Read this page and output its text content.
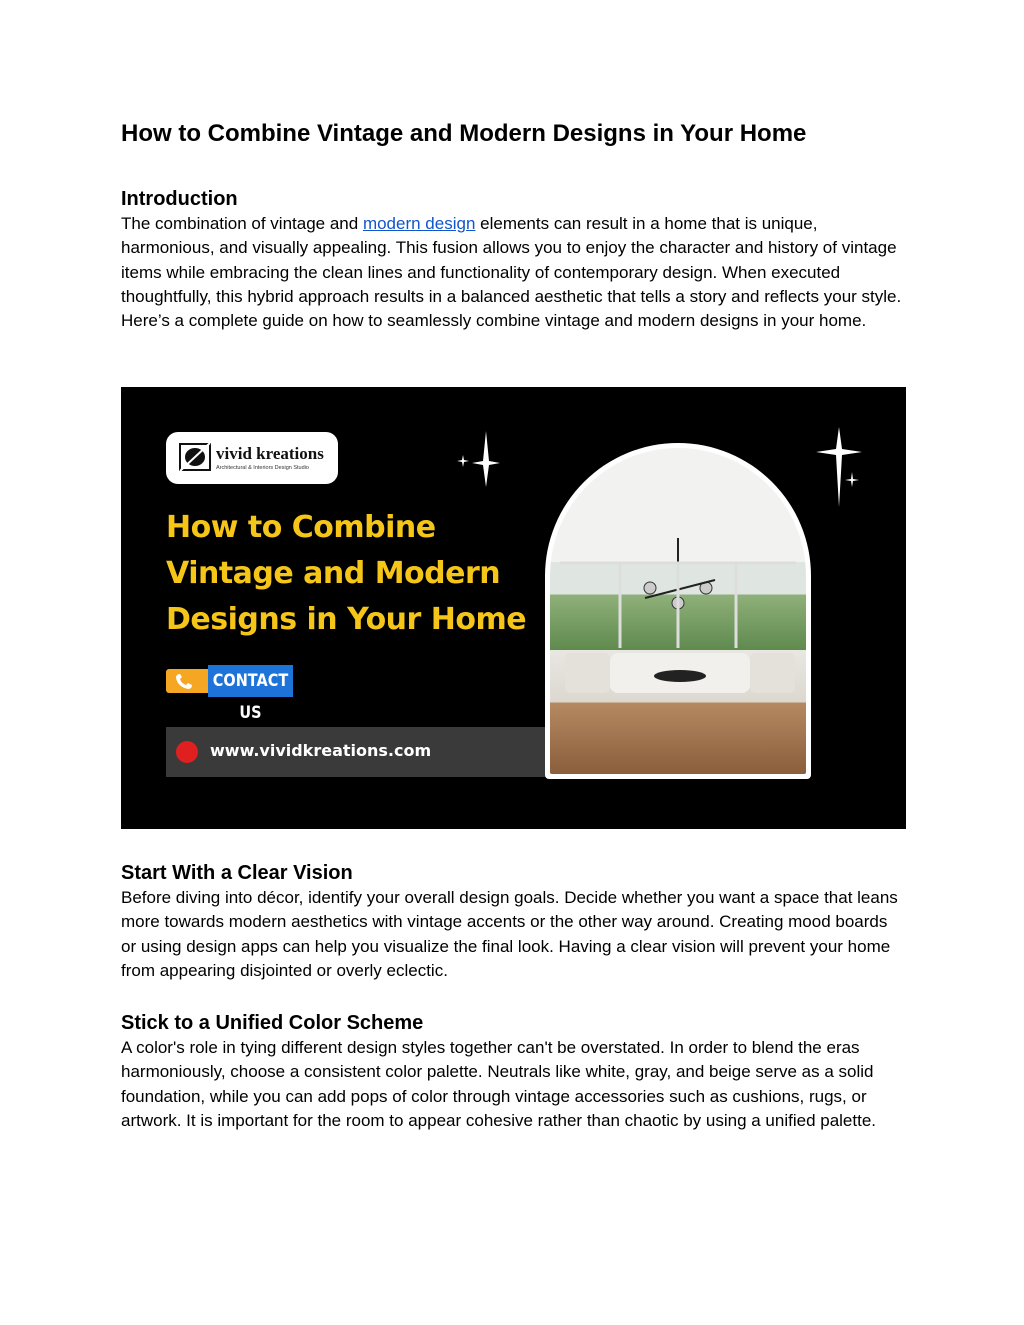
How to Combine Vintage and Modern Designs in Your Home
Introduction

The combination of vintage and modern design elements can result in a home that is unique, harmonious, and visually appealing. This fusion allows you to enjoy the character and history of vintage items while embracing the clean lines and functionality of contemporary design. When executed thoughtfully, this hybrid approach results in a balanced aesthetic that tells a story and reflects your style. Here’s a complete guide on how to seamlessly combine vintage and modern designs in your home.

Start With a Clear Vision

Before diving into décor, identify your overall design goals. Decide whether you want a space that leans more towards modern aesthetics with vintage accents or the other way around. Creating mood boards or using design apps can help you visualize the final look. Having a clear vision will prevent your home from appearing disjointed or overly eclectic.

Stick to a Unified Color Scheme

A color's role in tying different design styles together can't be overstated. In order to blend the eras harmoniously, choose a consistent color palette. Neutrals like white, gray, and beige serve as a solid foundation, while you can add pops of color through vintage accessories such as cushions, rugs, or artwork. It is important for the room to appear cohesive rather than chaotic by using a unified palette.

vivid kreations
Architectural & Interiors Design Studio
How to Combine
Vintage and Modern
Designs in Your Home
CONTACT US
www.vividkreations.com
